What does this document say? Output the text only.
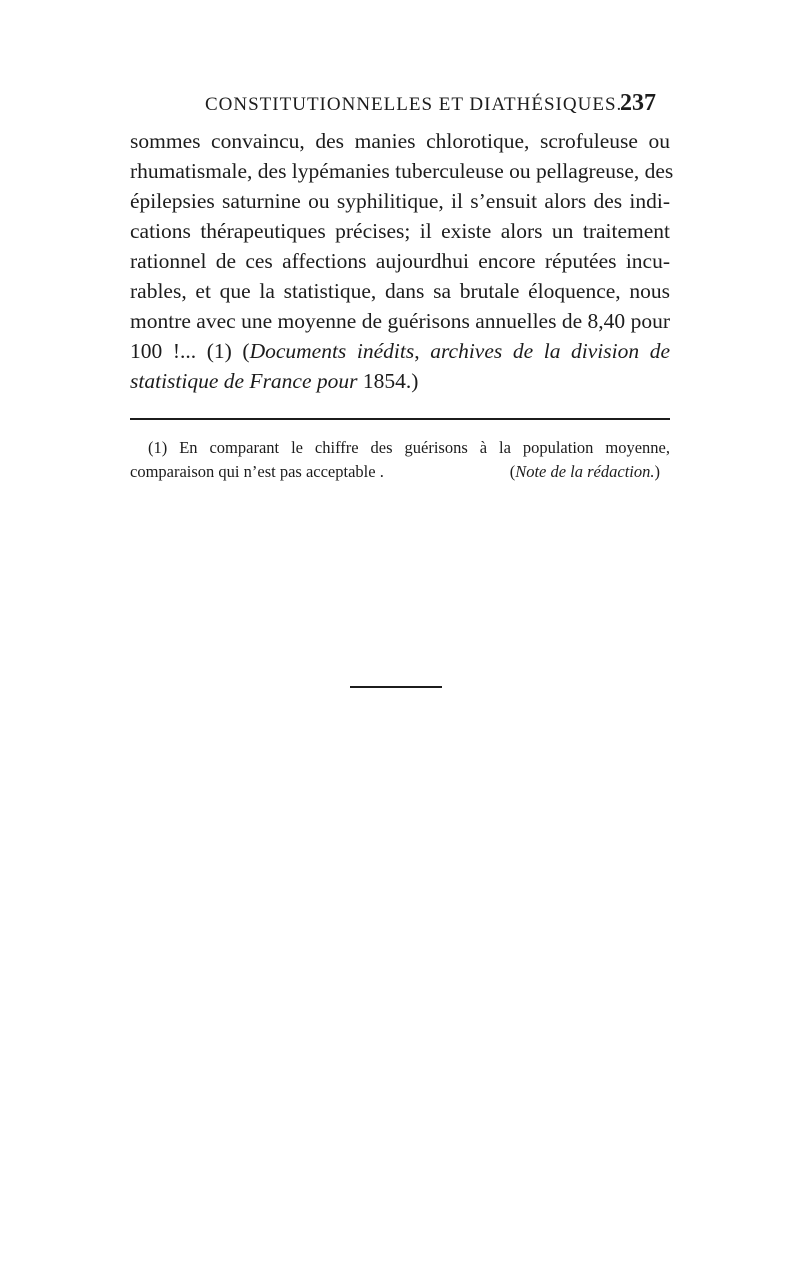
CONSTITUTIONNELLES ET DIATHÉSIQUES.
237
sommes convaincu, des manies chlorotique, scrofuleuse ou
rhumatismale, des lypémanies tuberculeuse ou pellagreuse, des
épilepsies saturnine ou syphilitique, il s’ensuit alors des indi-
cations thérapeutiques précises; il existe alors un traitement
rationnel de ces affections aujourdhui encore réputées incu-
rables, et que la statistique, dans sa brutale éloquence, nous
montre avec une moyenne de guérisons annuelles de 8,40 pour
100 !... (1) (Documents inédits, archives de la division de
statistique de France pour 1854.)
(1) En comparant le chiffre des guérisons à la population moyenne,
comparaison qui n’est pas acceptable .	(Note de la rédaction.)
